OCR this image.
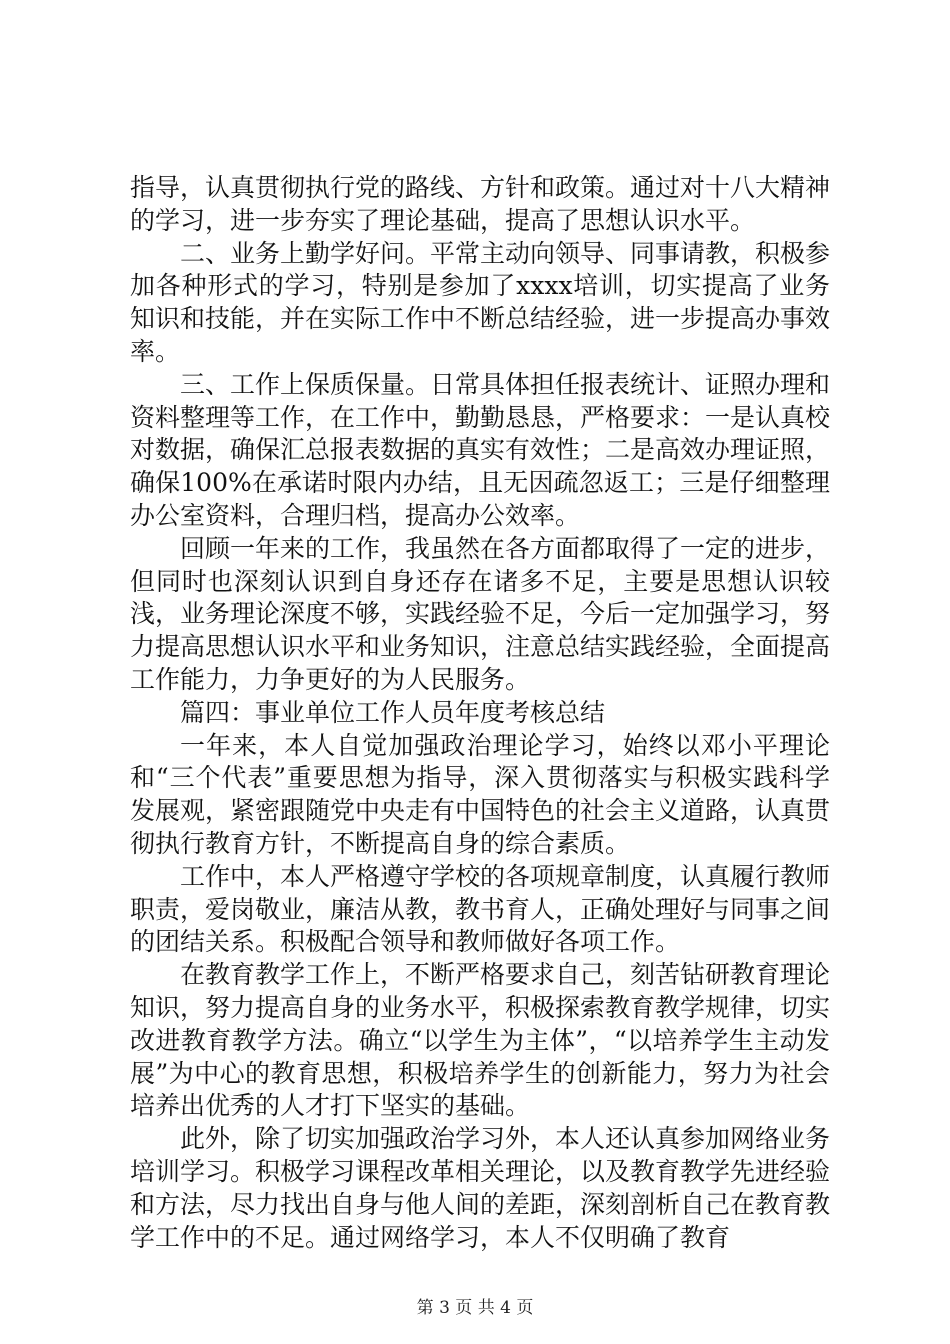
指导，认真贯彻执行党的路线、方针和政策。通过对十八大精神的学习，进一步夯实了理论基础，提高了思想认识水平。

二、业务上勤学好问。平常主动向领导、同事请教，积极参加各种形式的学习，特别是参加了xxxx培训，切实提高了业务知识和技能，并在实际工作中不断总结经验，进一步提高办事效率。

三、工作上保质保量。日常具体担任报表统计、证照办理和资料整理等工作，在工作中，勤勤恳恳，严格要求：一是认真校对数据，确保汇总报表数据的真实有效性；二是高效办理证照，确保100%在承诺时限内办结，且无因疏忽返工；三是仔细整理办公室资料，合理归档，提高办公效率。

回顾一年来的工作，我虽然在各方面都取得了一定的进步，但同时也深刻认识到自身还存在诸多不足，主要是思想认识较浅，业务理论深度不够，实践经验不足，今后一定加强学习，努力提高思想认识水平和业务知识，注意总结实践经验，全面提高工作能力，力争更好的为人民服务。

篇四：事业单位工作人员年度考核总结

一年来，本人自觉加强政治理论学习，始终以邓小平理论和“三个代表”重要思想为指导，深入贯彻落实与积极实践科学发展观，紧密跟随党中央走有中国特色的社会主义道路，认真贯彻执行教育方针，不断提高自身的综合素质。

工作中，本人严格遵守学校的各项规章制度，认真履行教师职责，爱岗敬业，廉洁从教，教书育人，正确处理好与同事之间的团结关系。积极配合领导和教师做好各项工作。

在教育教学工作上，不断严格要求自己，刻苦钻研教育理论知识，努力提高自身的业务水平，积极探索教育教学规律，切实改进教育教学方法。确立“以学生为主体”，“以培养学生主动发展”为中心的教育思想，积极培养学生的创新能力，努力为社会培养出优秀的人才打下坚实的基础。

此外，除了切实加强政治学习外，本人还认真参加网络业务培训学习。积极学习课程改革相关理论，以及教育教学先进经验和方法，尽力找出自身与他人间的差距，深刻剖析自己在教育教学工作中的不足。通过网络学习，本人不仅明确了教育

第 3 页 共 4 页
